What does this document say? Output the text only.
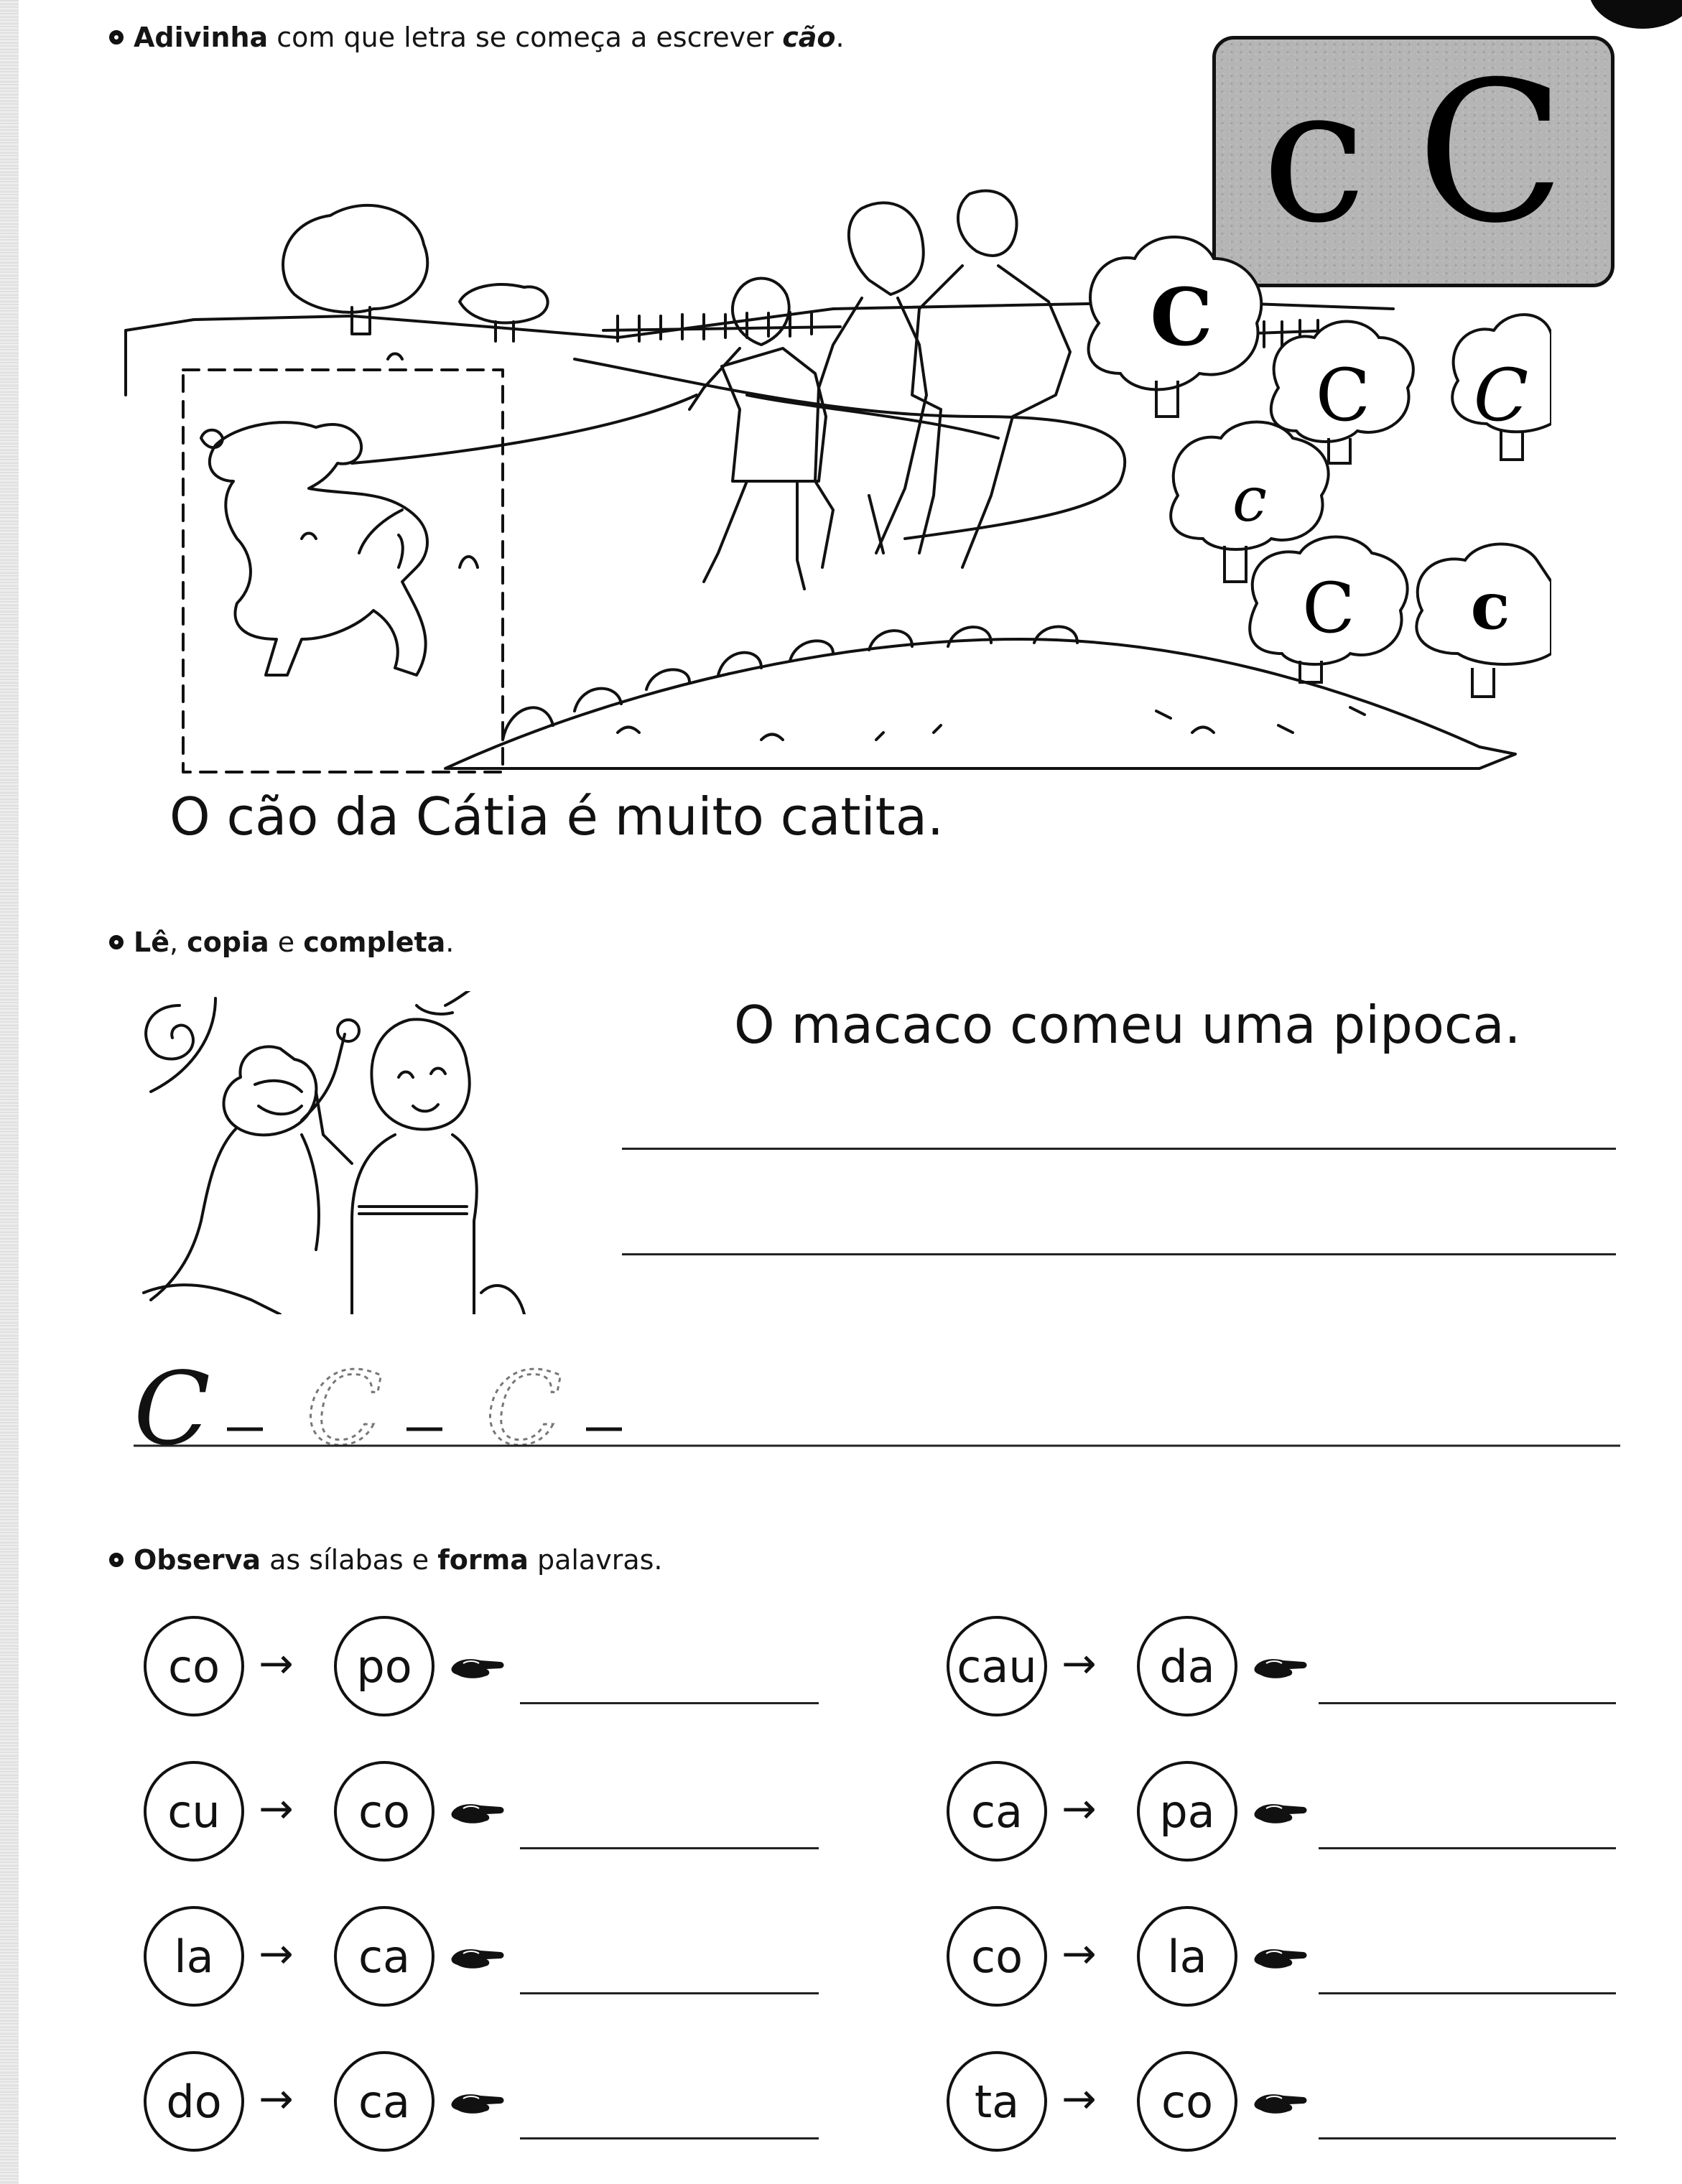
Adivinha com que letra se começa a escrever cão.
c C
C
C C
c
C c
O cão da Cátia é muito catita.
Lê, copia e completa.
O macaco comeu uma pipoca.
C C C
Observa as sílabas e forma palavras.
co →	po
cu →	co
la	→	ca
do →	ca
cau →	da
ca →	pa
co →	la
ta	→	co
